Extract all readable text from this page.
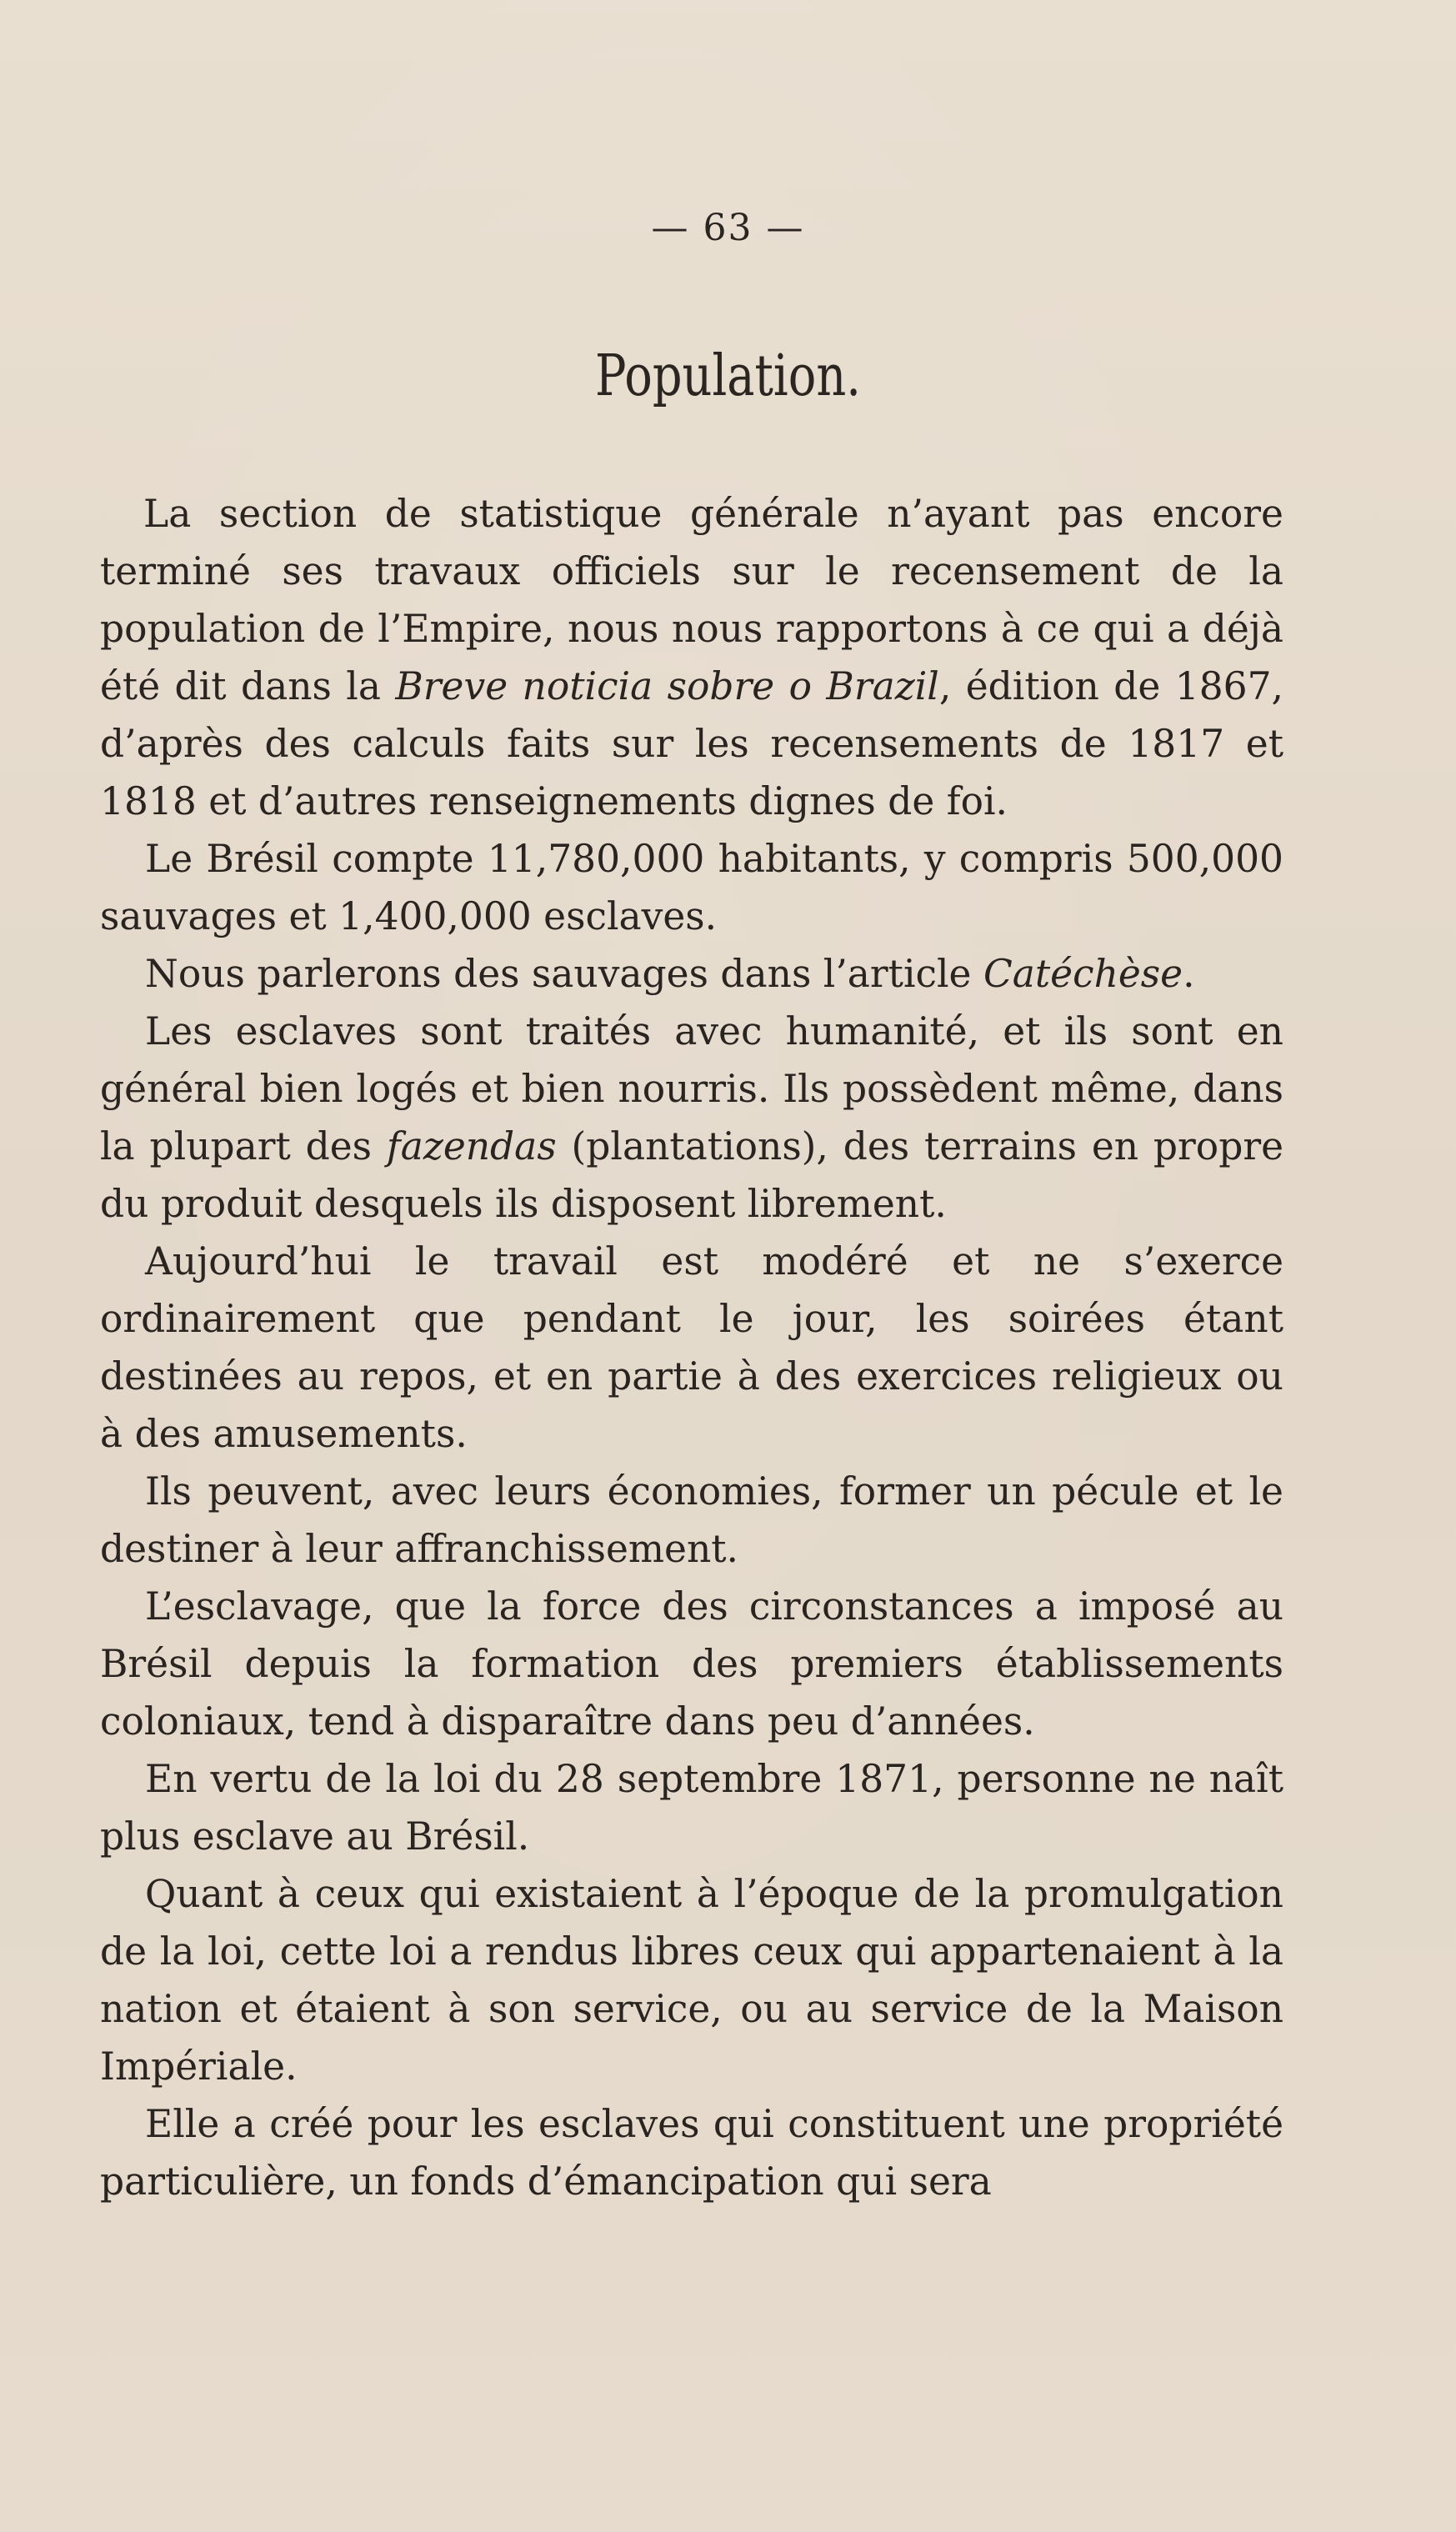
— 63 —

Population.

La section de statistique générale n’ayant pas encore terminé ses travaux officiels sur le recensement de la population de l’Empire, nous nous rapportons à ce qui a déjà été dit dans la Breve noticia sobre o Brazil, édition de 1867, d’après des calculs faits sur les recensements de 1817 et 1818 et d’autres renseignements dignes de foi.

Le Brésil compte 11,780,000 habitants, y compris 500,000 sauvages et 1,400,000 esclaves.

Nous parlerons des sauvages dans l’article Catéchèse.

Les esclaves sont traités avec humanité, et ils sont en général bien logés et bien nourris. Ils possèdent même, dans la plupart des fazendas (plantations), des terrains en propre du produit desquels ils disposent librement.

Aujourd’hui le travail est modéré et ne s’exerce ordinairement que pendant le jour, les soirées étant destinées au repos, et en partie à des exercices religieux ou à des amusements.

Ils peuvent, avec leurs économies, former un pécule et le destiner à leur affranchissement.

L’esclavage, que la force des circonstances a imposé au Brésil depuis la formation des premiers établissements coloniaux, tend à disparaître dans peu d’années.

En vertu de la loi du 28 septembre 1871, personne ne naît plus esclave au Brésil.

Quant à ceux qui existaient à l’époque de la promulgation de la loi, cette loi a rendus libres ceux qui appartenaient à la nation et étaient à son service, ou au service de la Maison Impériale.

Elle a créé pour les esclaves qui constituent une propriété particulière, un fonds d’émancipation qui sera
